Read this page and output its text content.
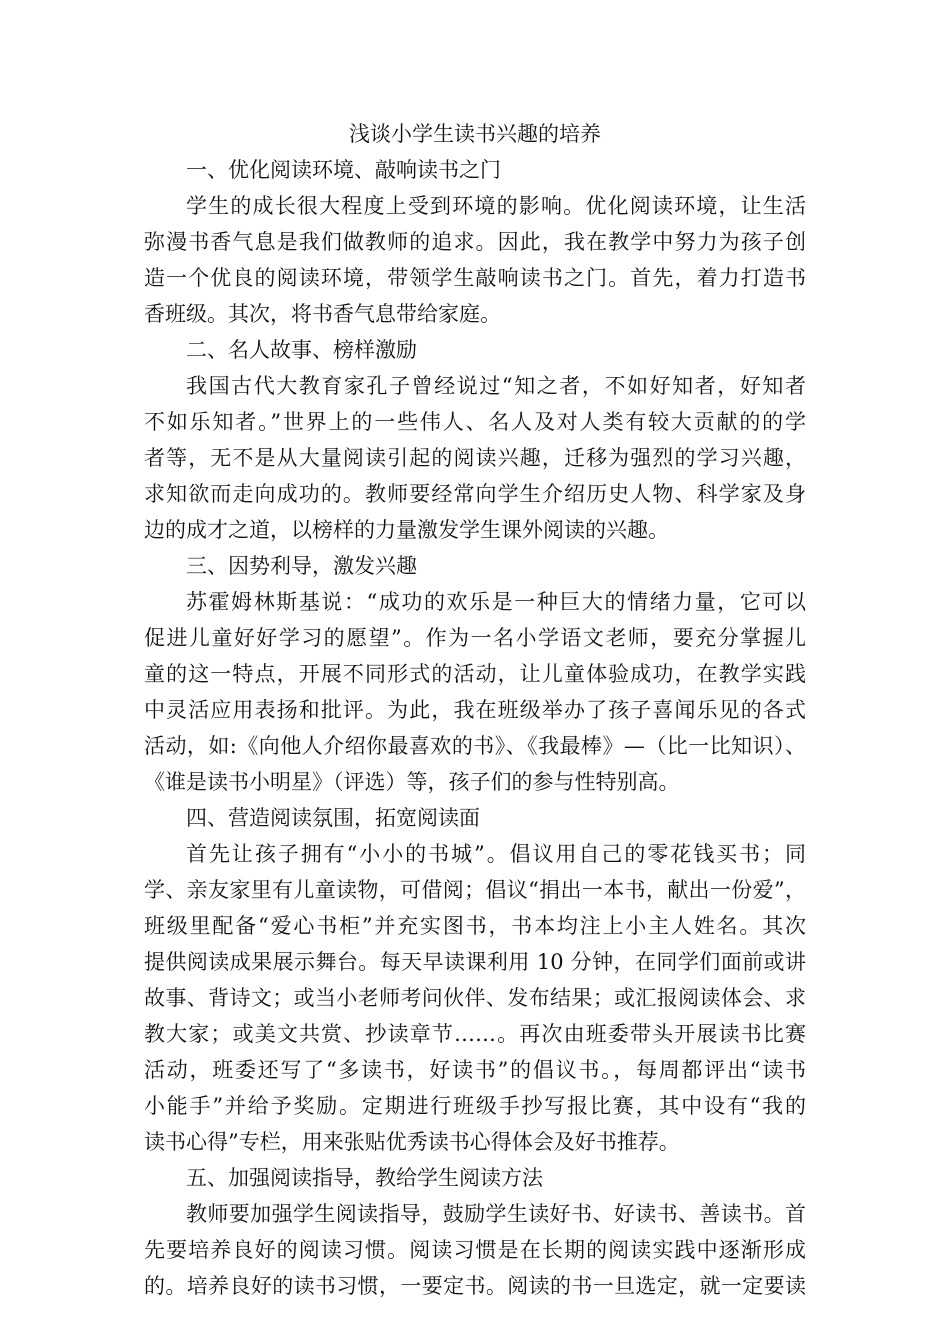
浅谈小学生读书兴趣的培养
一、优化阅读环境、敲响读书之门
学生的成长很大程度上受到环境的影响。优化阅读环境，让生活
弥漫书香气息是我们做教师的追求。因此，我在教学中努力为孩子创
造一个优良的阅读环境，带领学生敲响读书之门。首先，着力打造书
香班级。其次，将书香气息带给家庭。
二、名人故事、榜样激励
我国古代大教育家孔子曾经说过“知之者，不如好知者，好知者
不如乐知者。”世界上的一些伟人、名人及对人类有较大贡献的的学
者等，无不是从大量阅读引起的阅读兴趣，迁移为强烈的学习兴趣，
求知欲而走向成功的。教师要经常向学生介绍历史人物、科学家及身
边的成才之道，以榜样的力量激发学生课外阅读的兴趣。
三、因势利导，激发兴趣
苏霍姆林斯基说：“成功的欢乐是一种巨大的情绪力量，它可以
促进儿童好好学习的愿望”。作为一名小学语文老师，要充分掌握儿
童的这一特点，开展不同形式的活动，让儿童体验成功，在教学实践
中灵活应用表扬和批评。为此，我在班级举办了孩子喜闻乐见的各式
活动，如:《向他人介绍你最喜欢的书》、《我最棒》—（比一比知识）、
《谁是读书小明星》（评选）等，孩子们的参与性特别高。
四、营造阅读氛围，拓宽阅读面
首先让孩子拥有“小小的书城”。倡议用自己的零花钱买书；同
学、亲友家里有儿童读物，可借阅；倡议“捐出一本书，献出一份爱”，
班级里配备“爱心书柜”并充实图书，书本均注上小主人姓名。其次
提供阅读成果展示舞台。每天早读课利用 10 分钟，在同学们面前或讲
故事、背诗文；或当小老师考问伙伴、发布结果；或汇报阅读体会、求
教大家；或美文共赏、抄读章节……。再次由班委带头开展读书比赛
活动，班委还写了“多读书，好读书”的倡议书。，每周都评出“读书
小能手”并给予奖励。定期进行班级手抄写报比赛，其中设有“我的
读书心得”专栏，用来张贴优秀读书心得体会及好书推荐。
五、加强阅读指导，教给学生阅读方法
教师要加强学生阅读指导，鼓励学生读好书、好读书、善读书。首
先要培养良好的阅读习惯。阅读习惯是在长期的阅读实践中逐渐形成
的。培养良好的读书习惯，一要定书。阅读的书一旦选定，就一定要读
